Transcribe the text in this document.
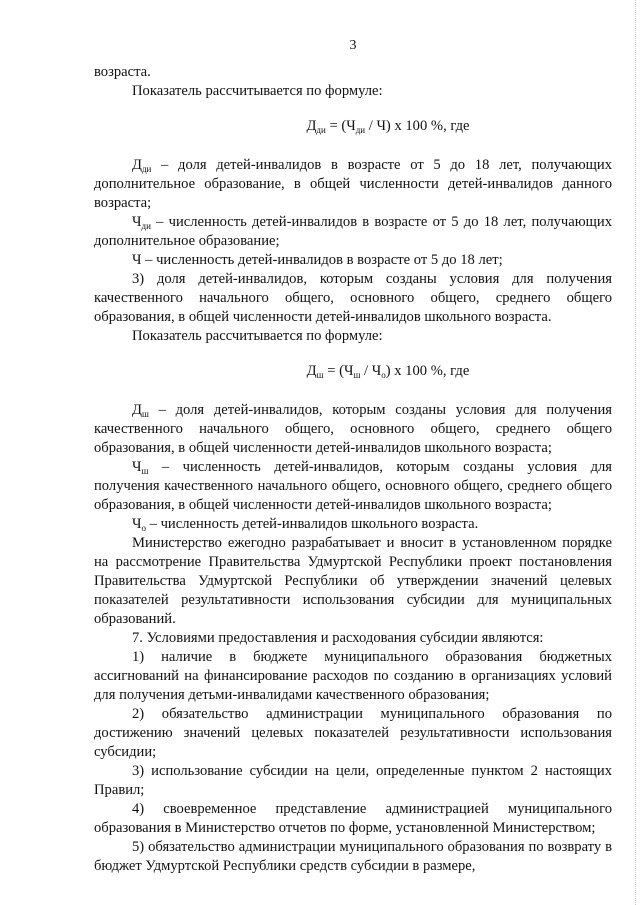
3

возраста.

Показатель рассчитывается по формуле:

$Д_{ди} = (Ч_{ди} / Ч)$ x 100 %, где

$Д_{ди}$ – доля детей-инвалидов в возрасте от 5 до 18 лет, получающих дополнительное образование, в общей численности детей-инвалидов данного возраста;

$Ч_{ди}$ – численность детей-инвалидов в возрасте от 5 до 18 лет, получающих дополнительное образование;

Ч – численность детей-инвалидов в возрасте от 5 до 18 лет;

3) доля детей-инвалидов, которым созданы условия для получения качественного начального общего, основного общего, среднего общего образования, в общей численности детей-инвалидов школьного возраста.

Показатель рассчитывается по формуле:

$Д_ш = (Ч_ш / Ч_о)$ x 100 %, где

$Д_ш$ – доля детей-инвалидов, которым созданы условия для получения качественного начального общего, основного общего, среднего общего образования, в общей численности детей-инвалидов школьного возраста;

$Ч_ш$ – численность детей-инвалидов, которым созданы условия для получения качественного начального общего, основного общего, среднего общего образования, в общей численности детей-инвалидов школьного возраста;

$Ч_о$ – численность детей-инвалидов школьного возраста.

Министерство ежегодно разрабатывает и вносит в установленном порядке на рассмотрение Правительства Удмуртской Республики проект постановления Правительства Удмуртской Республики об утверждении значений целевых показателей результативности использования субсидии для муниципальных образований.

7. Условиями предоставления и расходования субсидии являются:

1) наличие в бюджете муниципального образования бюджетных ассигнований на финансирование расходов по созданию в организациях условий для получения детьми-инвалидами качественного образования;

2) обязательство администрации муниципального образования по достижению значений целевых показателей результативности использования субсидии;

3) использование субсидии на цели, определенные пунктом 2 настоящих Правил;

4) своевременное представление администрацией муниципального образования в Министерство отчетов по форме, установленной Министерством;

5) обязательство администрации муниципального образования по возврату в бюджет Удмуртской Республики средств субсидии в размере,
